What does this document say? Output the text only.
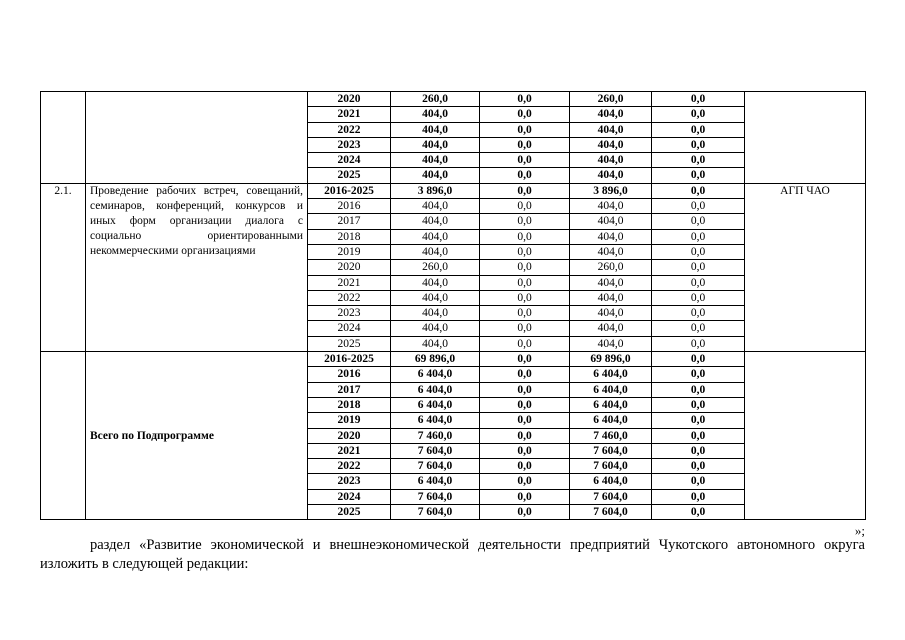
		2020	260,0	0,0	260,0	0,0	
		2021	404,0	0,0	404,0	0,0	
		2022	404,0	0,0	404,0	0,0	
		2023	404,0	0,0	404,0	0,0	
		2024	404,0	0,0	404,0	0,0	
		2025	404,0	0,0	404,0	0,0	
2.1.	Проведение рабочих встреч, совещаний, семинаров, конференций, конкурсов и иных форм организации диалога с социально ориентированными некоммерческими организациями	2016-2025	3 896,0	0,0	3 896,0	0,0	АГП ЧАО
		2016	404,0	0,0	404,0	0,0	
		2017	404,0	0,0	404,0	0,0	
		2018	404,0	0,0	404,0	0,0	
		2019	404,0	0,0	404,0	0,0	
		2020	260,0	0,0	260,0	0,0	
		2021	404,0	0,0	404,0	0,0	
		2022	404,0	0,0	404,0	0,0	
		2023	404,0	0,0	404,0	0,0	
		2024	404,0	0,0	404,0	0,0	
		2025	404,0	0,0	404,0	0,0	
	Всего по Подпрограмме	2016-2025	69 896,0	0,0	69 896,0	0,0	
		2016	6 404,0	0,0	6 404,0	0,0	
		2017	6 404,0	0,0	6 404,0	0,0	
		2018	6 404,0	0,0	6 404,0	0,0	
		2019	6 404,0	0,0	6 404,0	0,0	
		2020	7 460,0	0,0	7 460,0	0,0	
		2021	7 604,0	0,0	7 604,0	0,0	
		2022	7 604,0	0,0	7 604,0	0,0	
		2023	6 404,0	0,0	6 404,0	0,0	
		2024	7 604,0	0,0	7 604,0	0,0	
		2025	7 604,0	0,0	7 604,0	0,0	
»;
раздел «Развитие экономической и внешнеэкономической деятельности предприятий Чукотского автономного округа изложить в следующей редакции:
